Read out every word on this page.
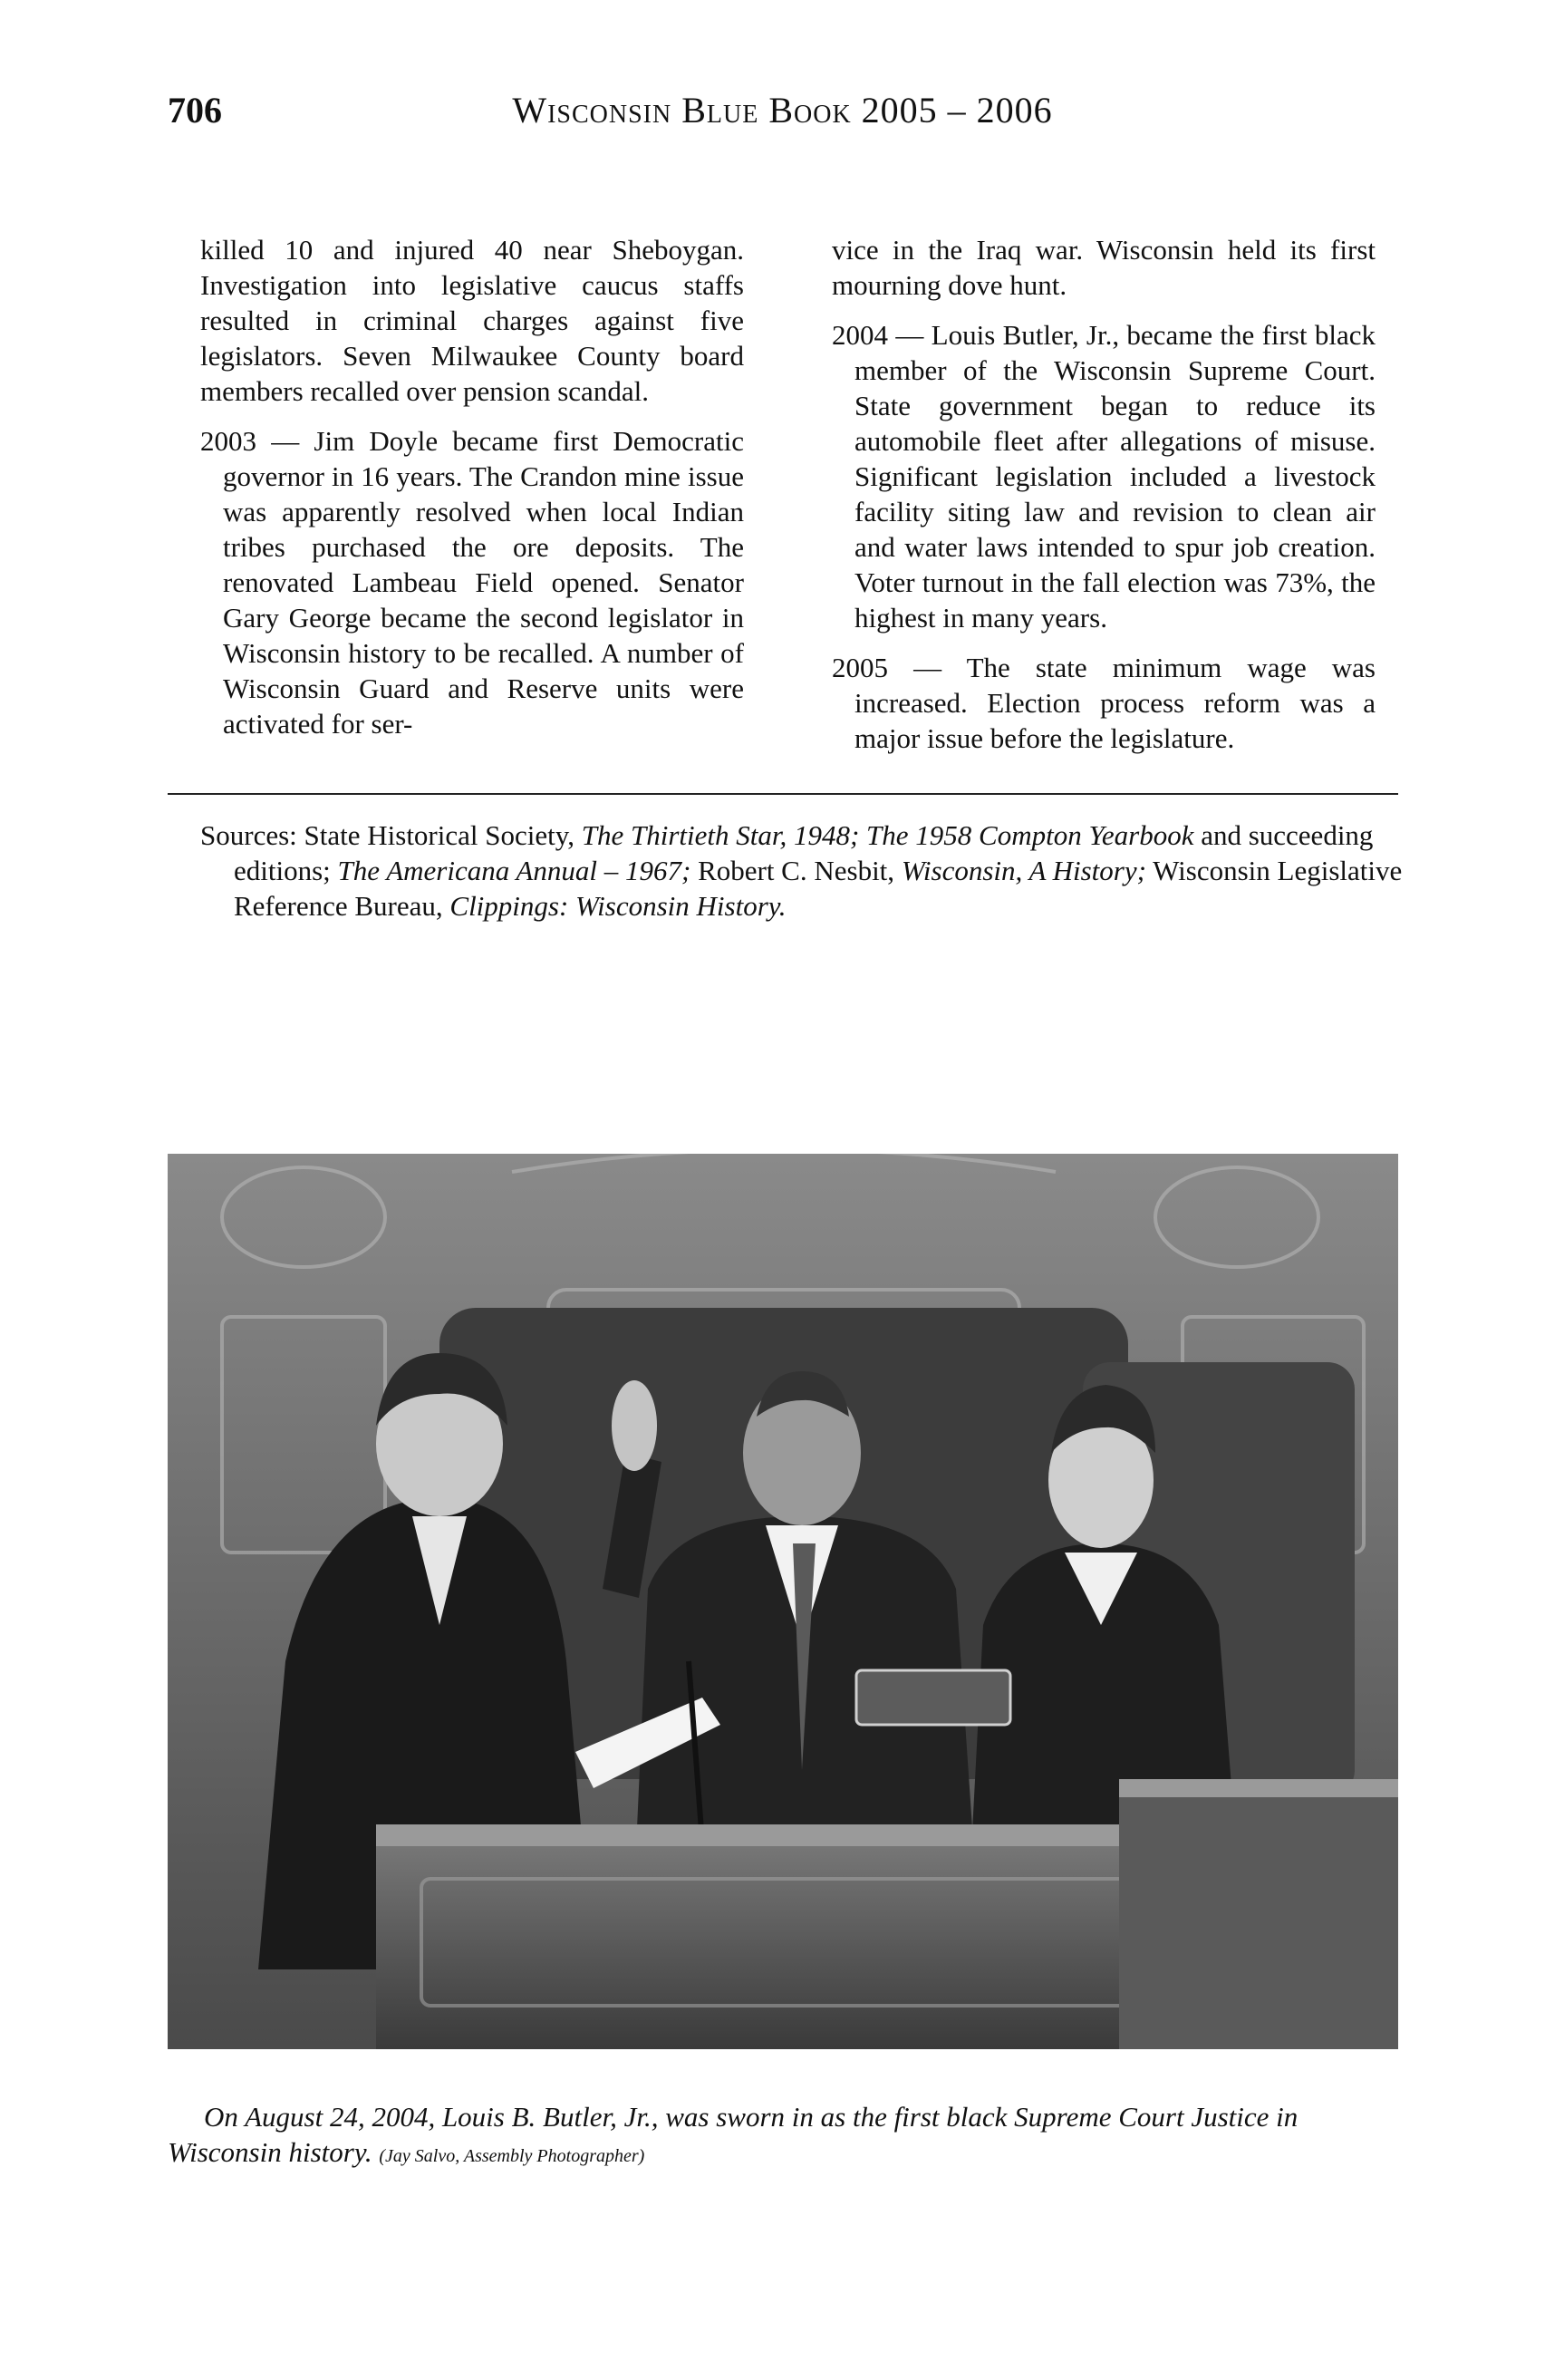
706	Wisconsin Blue Book 2005 – 2006

killed 10 and injured 40 near Sheboygan. Investigation into legislative caucus staffs resulted in criminal charges against five legislators. Seven Milwaukee County board members recalled over pension scandal.

2003 — Jim Doyle became first Democratic governor in 16 years. The Crandon mine issue was apparently resolved when local Indian tribes purchased the ore deposits. The renovated Lambeau Field opened. Senator Gary George became the second legislator in Wisconsin history to be recalled. A number of Wisconsin Guard and Reserve units were activated for ser-

vice in the Iraq war. Wisconsin held its first mourning dove hunt.

2004 — Louis Butler, Jr., became the first black member of the Wisconsin Supreme Court. State government began to reduce its automobile fleet after allegations of misuse. Significant legislation included a livestock facility siting law and revision to clean air and water laws intended to spur job creation. Voter turnout in the fall election was 73%, the highest in many years.

2005 — The state minimum wage was increased. Election process reform was a major issue before the legislature.

Sources: State Historical Society, The Thirtieth Star, 1948; The 1958 Compton Yearbook and succeeding editions; The Americana Annual – 1967; Robert C. Nesbit, Wisconsin, A History; Wisconsin Legislative Reference Bureau, Clippings: Wisconsin History.

On August 24, 2004, Louis B. Butler, Jr., was sworn in as the first black Supreme Court Justice in Wisconsin history. (Jay Salvo, Assembly Photographer)
